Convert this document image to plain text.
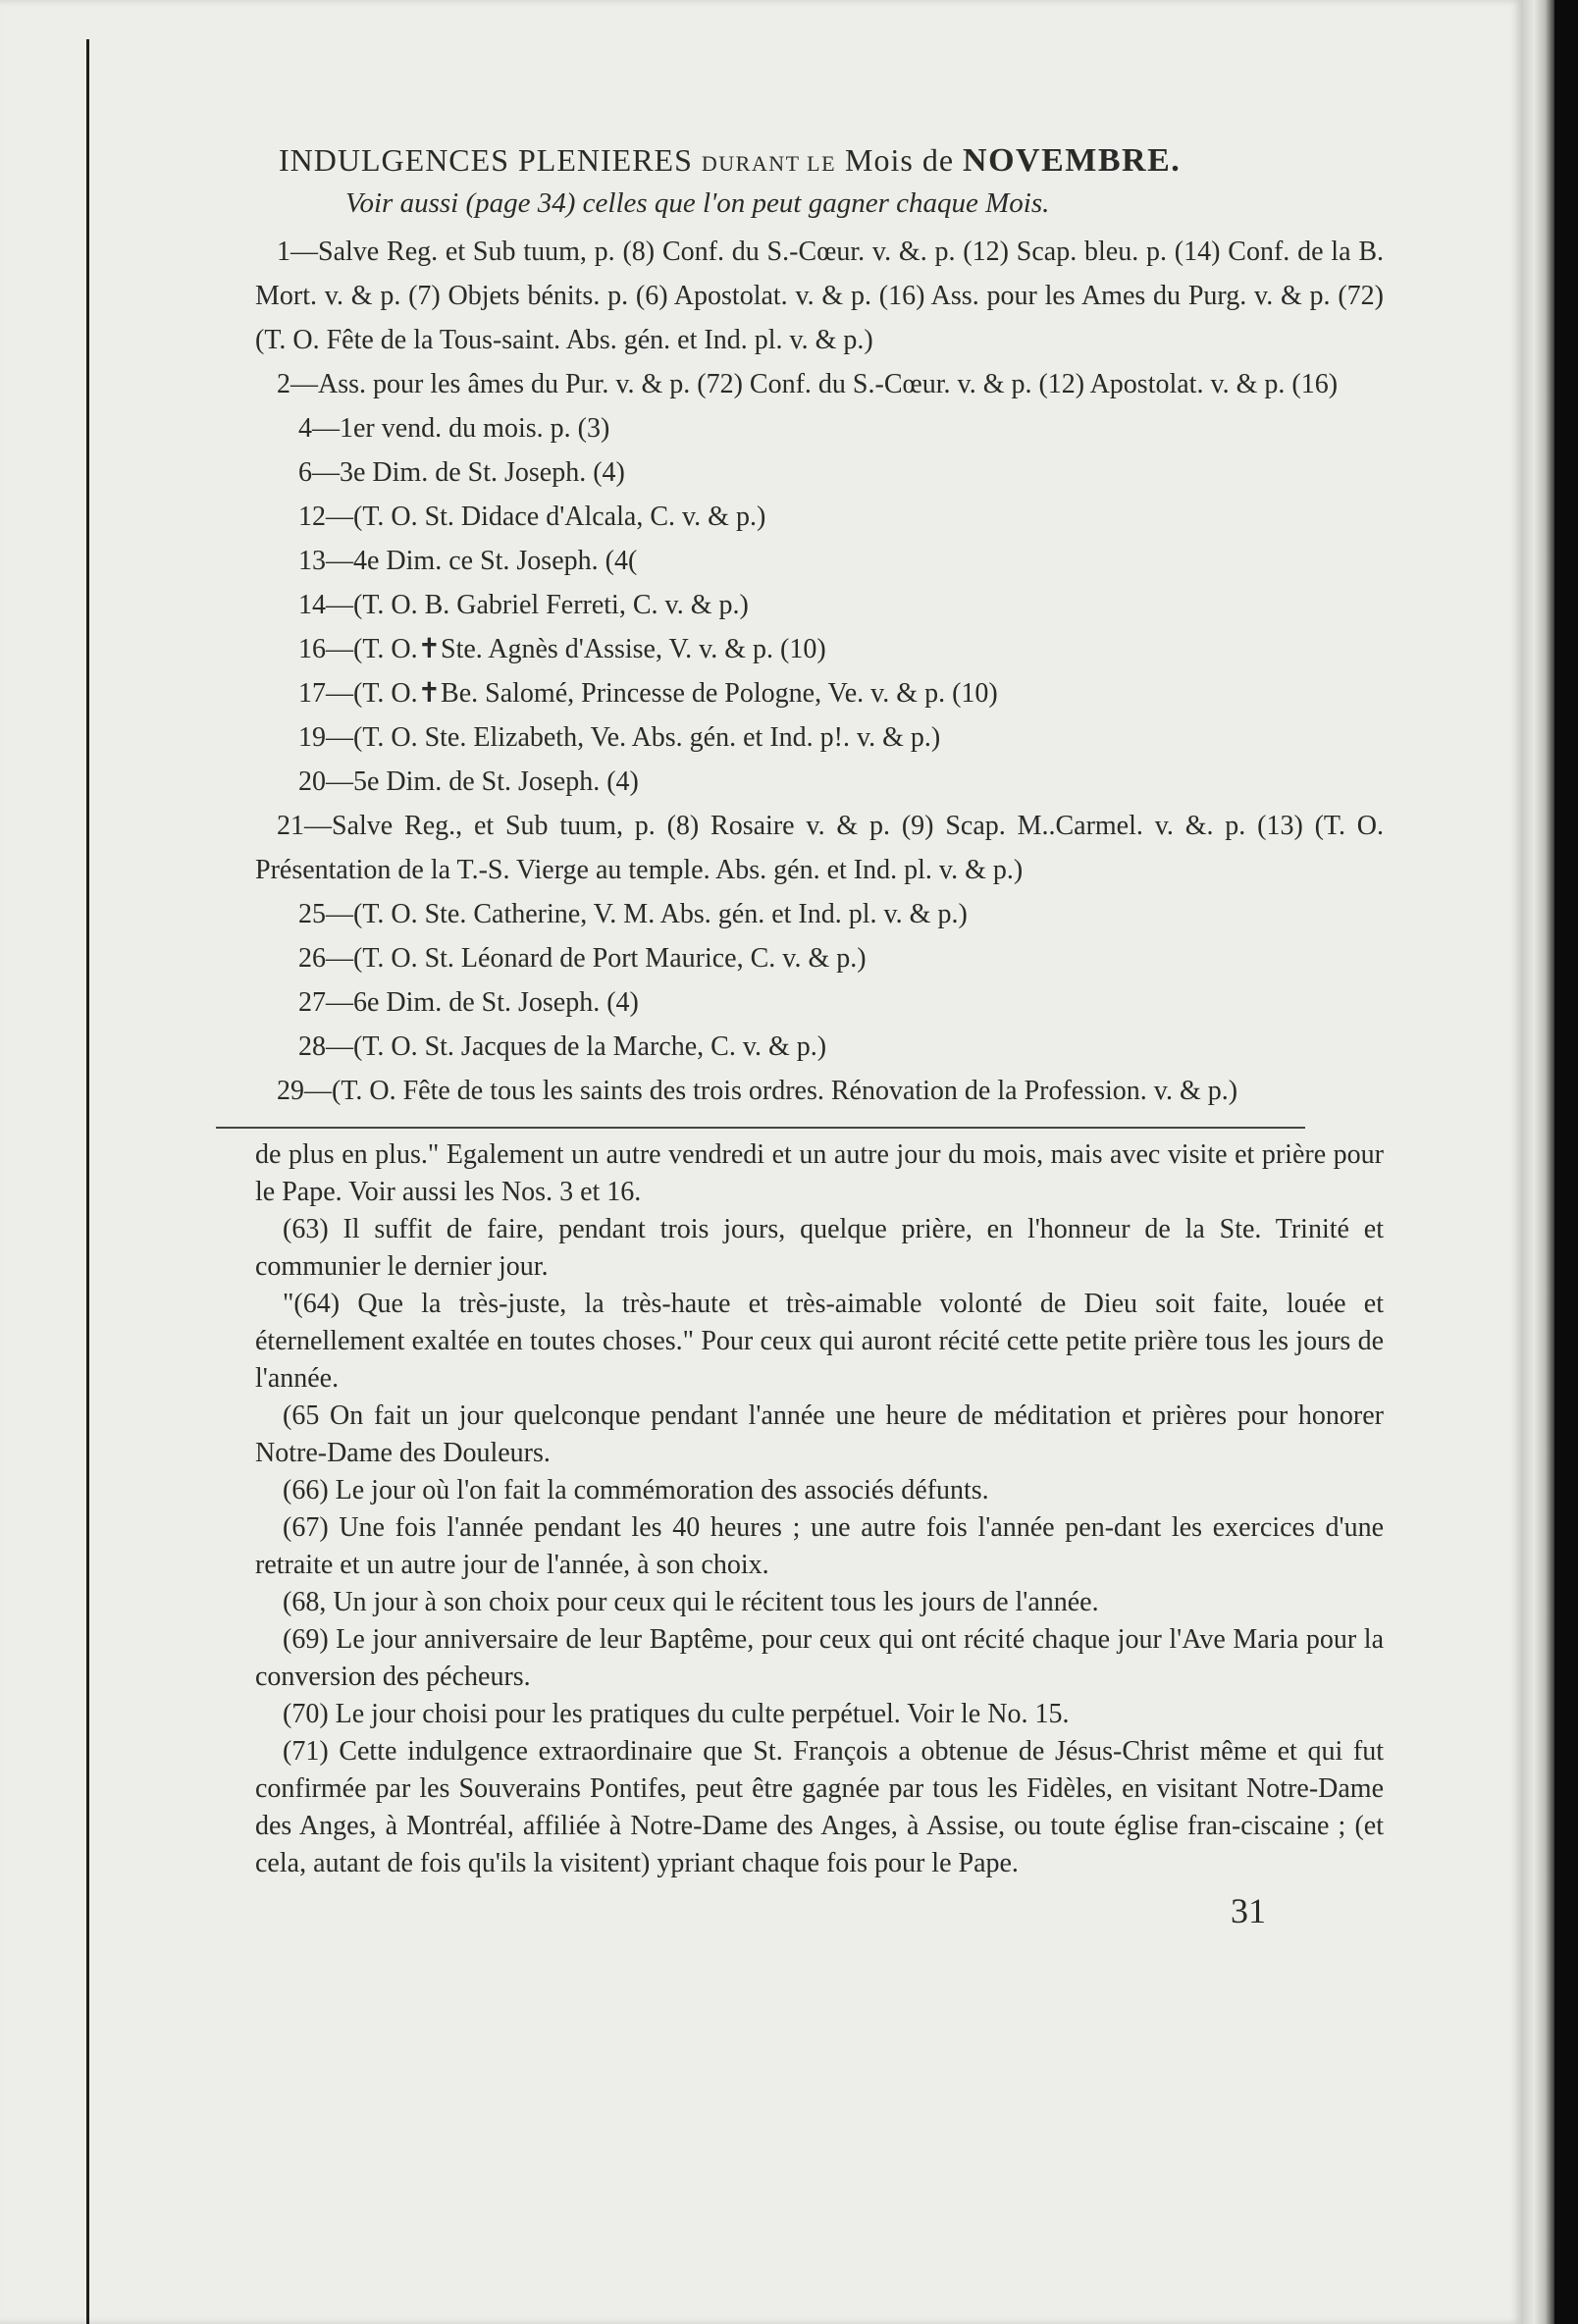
INDULGENCES PLENIERES DURANT LE Mois de NOVEMBRE.
Voir aussi (page 34) celles que l'on peut gagner chaque Mois.
1—Salve Reg. et Sub tuum, p. (8) Conf. du S.-Cœur. v. &. p. (12) Scap. bleu. p. (14) Conf. de la B. Mort. v. & p. (7) Objets bénits. p. (6) Apostolat. v. & p. (16) Ass. pour les Ames du Purg. v. & p. (72) (T. O. Fête de la Tous-saint. Abs. gén. et Ind. pl. v. & p.)
2—Ass. pour les âmes du Pur. v. & p. (72) Conf. du S.-Cœur. v. & p. (12) Apostolat. v. & p. (16)
4—1er vend. du mois. p. (3)
6—3e Dim. de St. Joseph. (4)
12—(T. O. St. Didace d'Alcala, C. v. & p.)
13—4e Dim. ce St. Joseph. (4(
14—(T. O. B. Gabriel Ferreti, C. v. & p.)
16—(T. O.✝Ste. Agnès d'Assise, V. v. & p. (10)
17—(T. O.✝Be. Salomé, Princesse de Pologne, Ve. v. & p. (10)
19—(T. O. Ste. Elizabeth, Ve. Abs. gén. et Ind. p!. v. & p.)
20—5e Dim. de St. Joseph. (4)
21—Salve Reg., et Sub tuum, p. (8) Rosaire v. & p. (9) Scap. M..Carmel. v. &. p. (13) (T. O. Présentation de la T.-S. Vierge au temple. Abs. gén. et Ind. pl. v. & p.)
25—(T. O. Ste. Catherine, V. M. Abs. gén. et Ind. pl. v. & p.)
26—(T. O. St. Léonard de Port Maurice, C. v. & p.)
27—6e Dim. de St. Joseph. (4)
28—(T. O. St. Jacques de la Marche, C. v. & p.)
29—(T. O. Fête de tous les saints des trois ordres. Rénovation de la Profession. v. & p.)
de plus en plus." Egalement un autre vendredi et un autre jour du mois, mais avec visite et prière pour le Pape. Voir aussi les Nos. 3 et 16.
(63) Il suffit de faire, pendant trois jours, quelque prière, en l'honneur de la Ste. Trinité et communier le dernier jour.
"(64) Que la très-juste, la très-haute et très-aimable volonté de Dieu soit faite, louée et éternellement exaltée en toutes choses." Pour ceux qui auront récité cette petite prière tous les jours de l'année.
(65 On fait un jour quelconque pendant l'année une heure de méditation et prières pour honorer Notre-Dame des Douleurs.
(66) Le jour où l'on fait la commémoration des associés défunts.
(67) Une fois l'année pendant les 40 heures ; une autre fois l'année pen-dant les exercices d'une retraite et un autre jour de l'année, à son choix.
(68, Un jour à son choix pour ceux qui le récitent tous les jours de l'année.
(69) Le jour anniversaire de leur Baptême, pour ceux qui ont récité chaque jour l'Ave Maria pour la conversion des pécheurs.
(70) Le jour choisi pour les pratiques du culte perpétuel. Voir le No. 15.
(71) Cette indulgence extraordinaire que St. François a obtenue de Jésus-Christ même et qui fut confirmée par les Souverains Pontifes, peut être gagnée par tous les Fidèles, en visitant Notre-Dame des Anges, à Montréal, affiliée à Notre-Dame des Anges, à Assise, ou toute église fran-ciscaine ; (et cela, autant de fois qu'ils la visitent) ypriant chaque fois pour le Pape.
31
